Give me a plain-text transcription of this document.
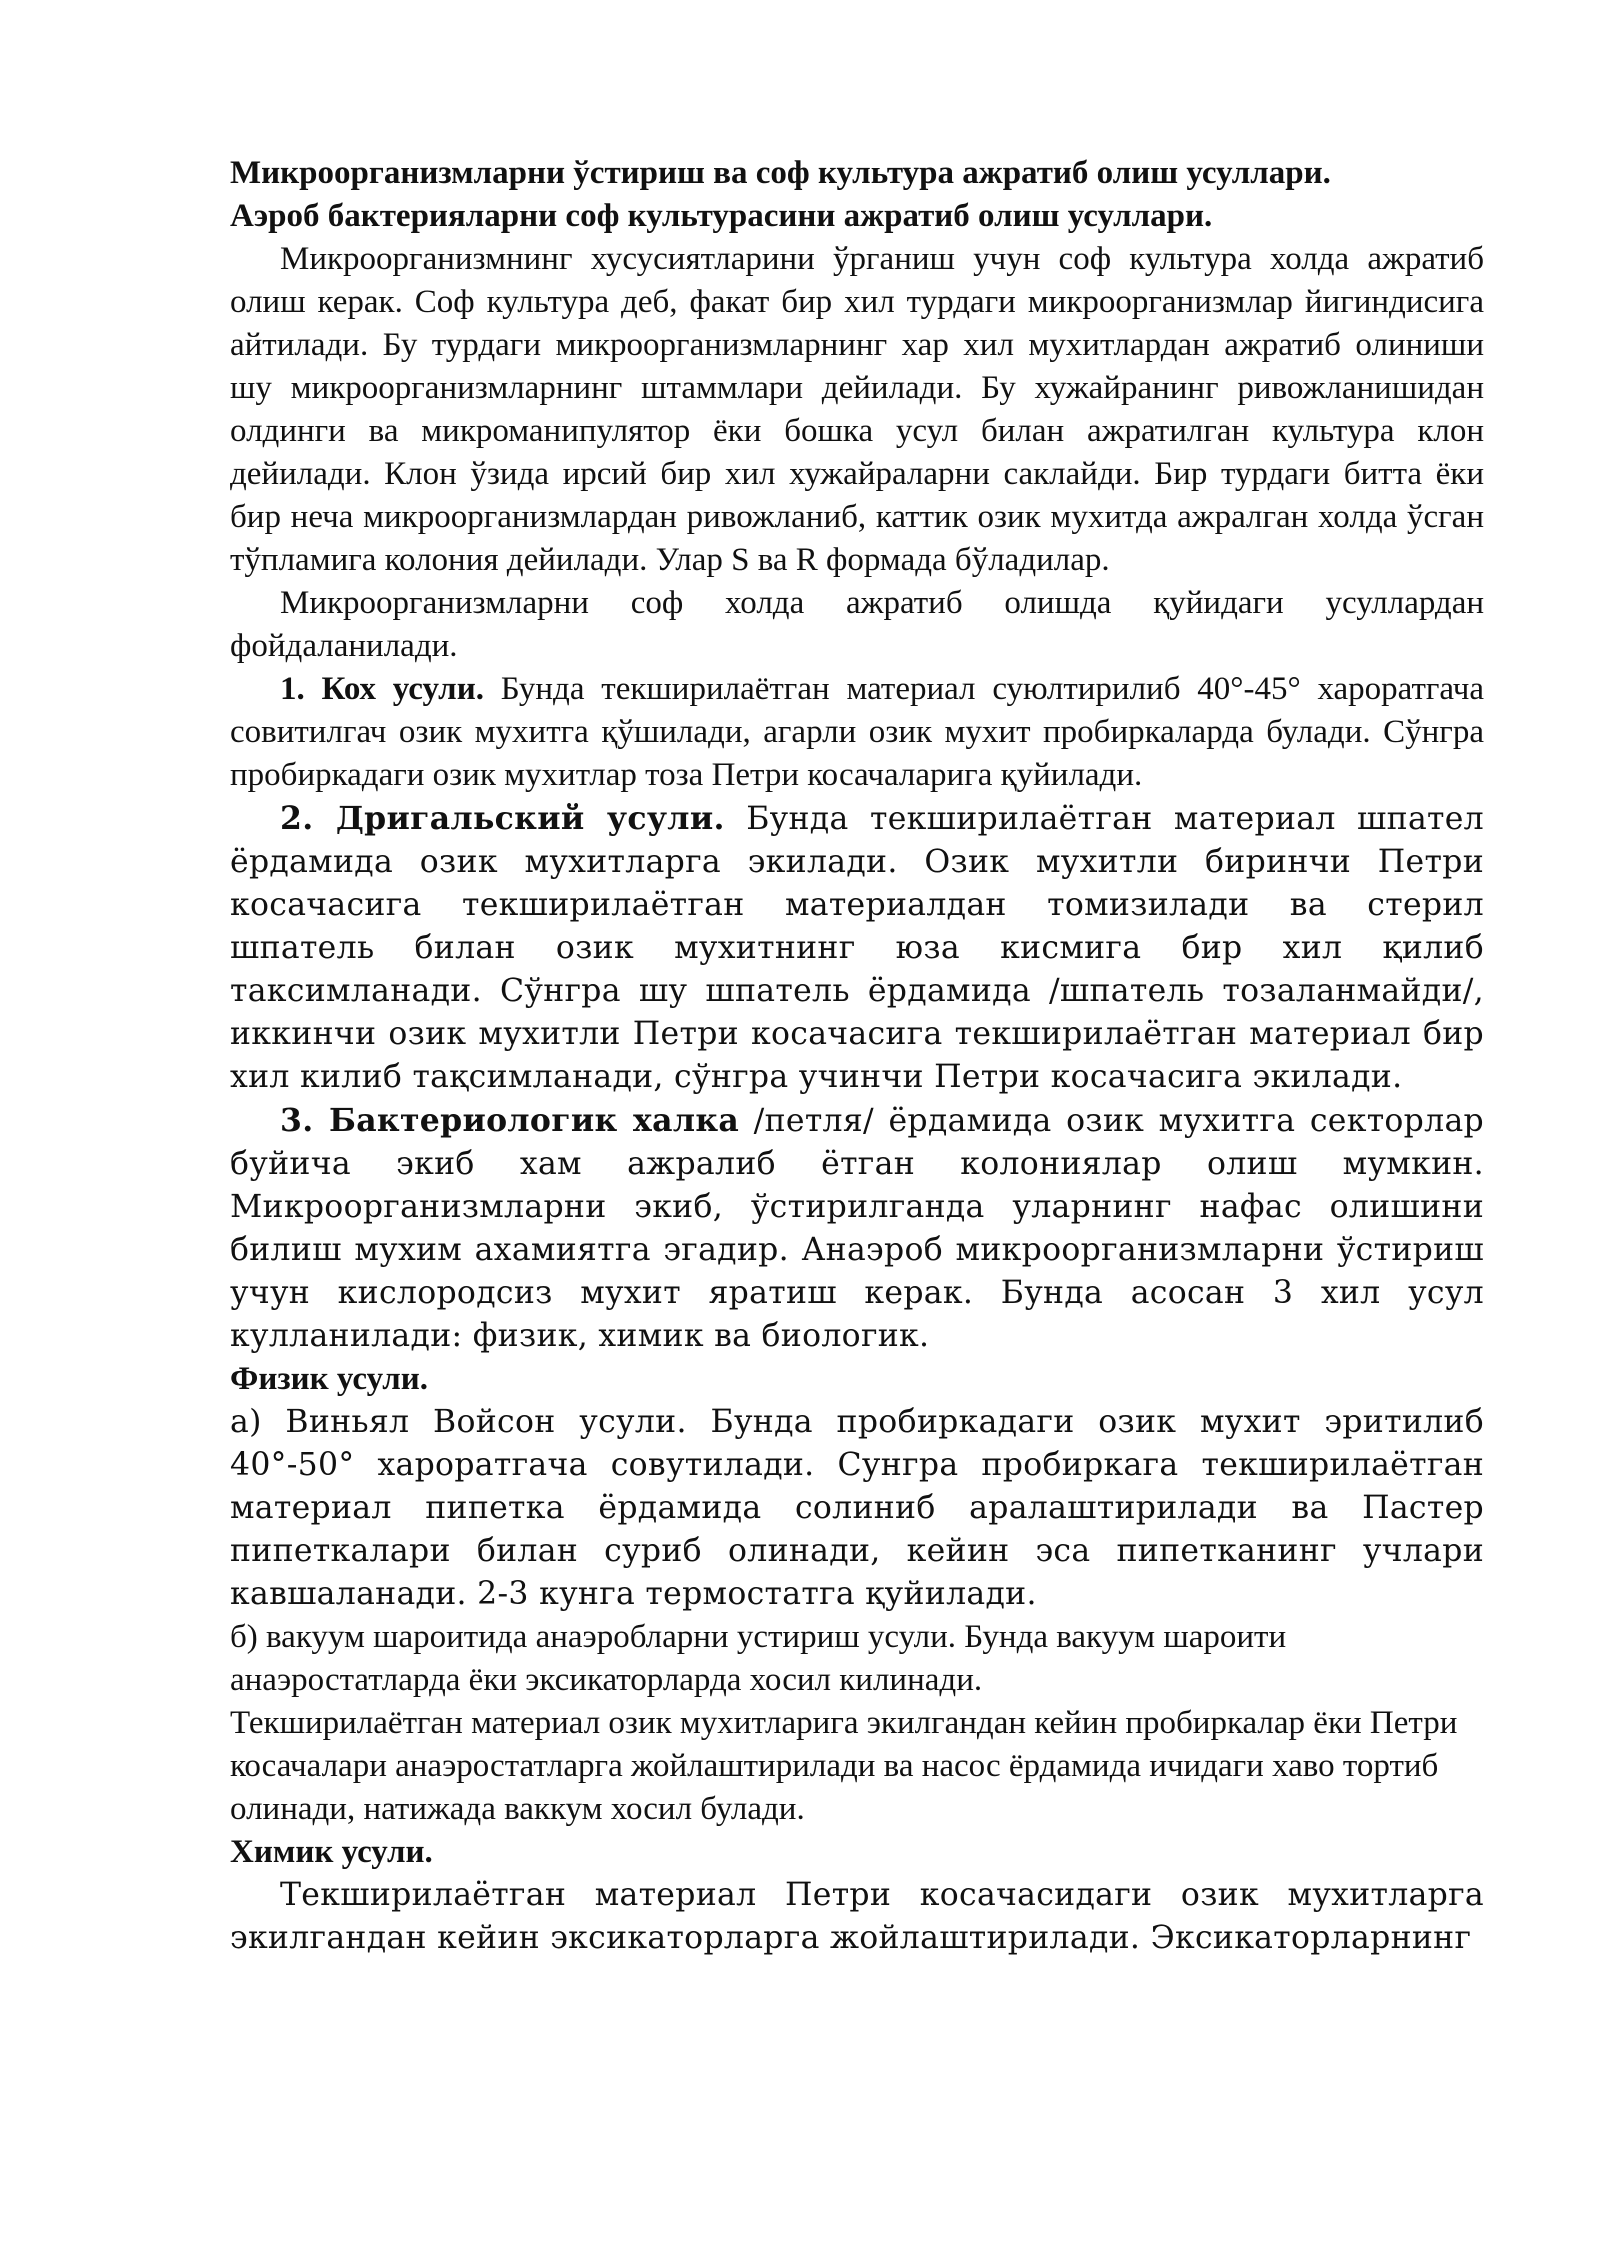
Микроорганизмларни ўстириш ва соф культура ажратиб олиш усуллари.

Аэроб бактерияларни соф культурасини ажратиб олиш усуллари.

Микроорганизмнинг хусусиятларини ўрганиш учун соф культура холда ажратиб олиш керак. Соф культура деб, факат бир хил турдаги микроорганизмлар йигиндисига айтилади. Бу турдаги микроорганизмларнинг хар хил мухитлардан ажратиб олиниши шу микроорганизмларнинг штаммлари дейилади. Бу хужайранинг ривожланишидан олдинги ва микроманипулятор ёки бошка усул билан ажратилган культура клон дейилади. Клон ўзида ирсий бир хил хужайраларни саклайди. Бир турдаги битта ёки бир неча микроорганизмлардан ривожланиб, каттик озик мухитда ажралган холда ўсган тўпламига колония дейилади. Улар S ва R формада бўладилар.

Микроорганизмларни соф холда ажратиб олишда қуйидаги усуллардан фойдаланилади.

1. Кох усули. Бунда текширилаётган материал суюлтирилиб 40°-45° хароратгача совитилгач озик мухитга қўшилади, агарли озик мухит пробиркаларда булади. Сўнгра пробиркадаги озик мухитлар тоза Петри косачаларига қуйилади.

2. Дригальский усули. Бунда текширилаётган материал шпател ёрдамида озик мухитларга экилади. Озик мухитли биринчи Петри косачасига текширилаётган материалдан томизилади ва стерил шпатель билан озик мухитнинг юза кисмига бир хил қилиб таксимланади. Сўнгра шу шпатель ёрдамида /шпатель тозаланмайди/, иккинчи озик мухитли Петри косачасига текширилаётган материал бир хил килиб тақсимланади, сўнгра учинчи Петри косачасига экилади.

3. Бактериологик халка /петля/ ёрдамида озик мухитга секторлар буйича экиб хам ажралиб ётган колониялар олиш мумкин. Микроорганизмларни экиб, ўстирилганда уларнинг нафас олишини билиш мухим ахамиятга эгадир. Анаэроб микроорганизмларни ўстириш учун кислородсиз мухит яратиш керак. Бунда асосан 3 хил усул кулланилади: физик, химик ва биологик.

Физик усули.

а) Виньял Войсон усули. Бунда пробиркадаги озик мухит эритилиб 40°-50° хароратгача совутилади. Сунгра пробиркага текширилаётган материал пипетка ёрдамида солиниб аралаштирилади ва Пастер пипеткалари билан суриб олинади, кейин эса пипетканинг учлари кавшаланади. 2-3 кунга термостатга қуйилади.

б) вакуум шароитида анаэробларни устириш усули. Бунда вакуум шароити анаэростатларда ёки эксикаторларда хосил килинади.

Текширилаётган материал озик мухитларига экилгандан кейин пробиркалар ёки Петри косачалари анаэростатларга жойлаштирилади ва насос ёрдамида ичидаги хаво тортиб олинади, натижада ваккум хосил булади.

Химик усули.

Текширилаётган материал Петри косачасидаги озик мухитларга экилгандан кейин эксикаторларга жойлаштирилади. Эксикаторларнинг
